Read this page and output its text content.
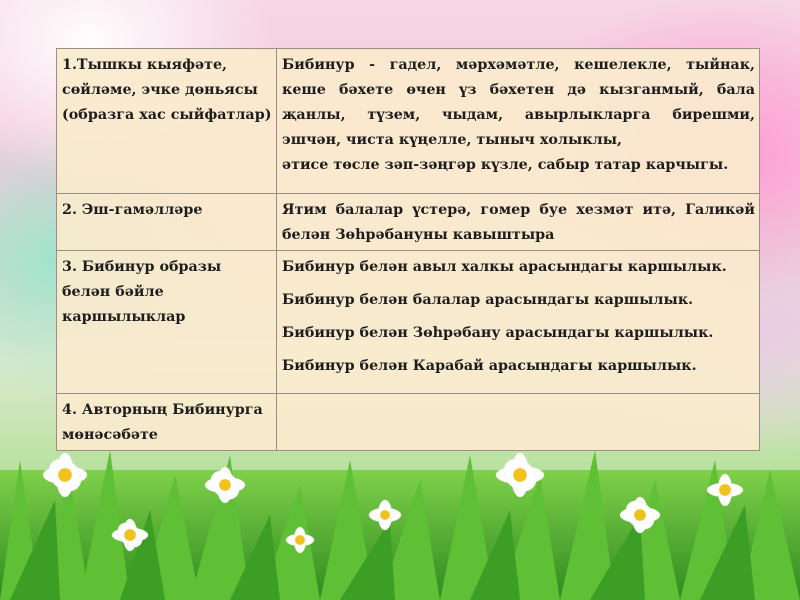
1.Тышкы кыяфәте, сөйләме, эчке дөньясы (образга хас сыйфатлар)	Бибинур - гадел, мәрхәмәтле, кешелекле, тыйнак,
кеше бәхете өчен үз бәхетен дә кызганмый, бала
җанлы, түзем, чыдам, авырлыкларга бирешми,
эшчән, чиста күңелле, тыныч холыклы,
әтисе төсле зәп-зәңгәр күзле, сабыр татар карчыгы.

2. Эш-гамәлләре	Ятим балалар үстерә, гомер буе хезмәт итә, Галикәй
белән Зөһрәбануны кавыштыра

3. Бибинур образы белән бәйле каршылыклар	Бибинур белән авыл халкы арасындагы каршылык.
Бибинур белән балалар арасындагы каршылык.
Бибинур белән Зөһрәбану арасындагы каршылык.
Бибинур белән Карабай арасындагы каршылык.

4. Авторның Бибинурга мөнәсәбәте	
